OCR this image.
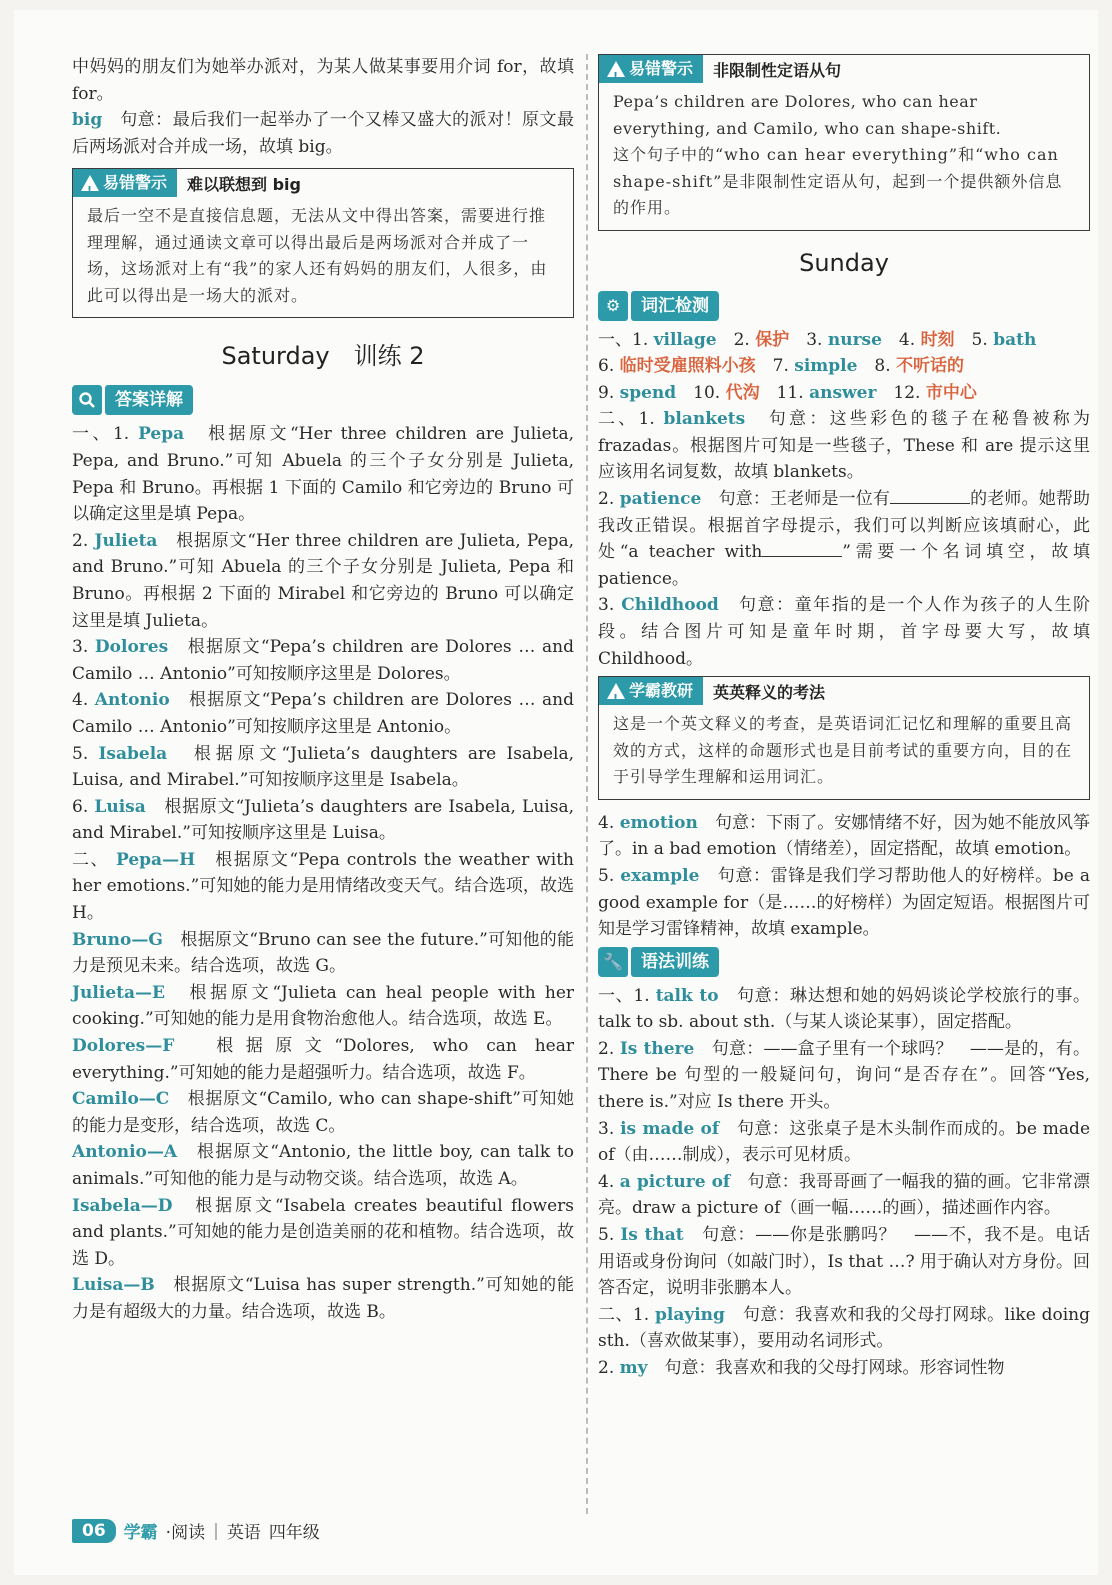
中妈妈的朋友们为她举办派对，为某人做某事要用介词 for，故填 for。

big　 句意：最后我们一起举办了一个又棒又盛大的派对！原文最后两场派对合并成一场，故填 big。

!
易错警示	难以联想到 big

最后一空不是直接信息题，无法从文中得出答案，需要进行推理理解，通过通读文章可以得出最后是两场派对合并成了一场，这场派对上有“我”的家人还有妈妈的朋友们，人很多，由此可以得出是一场大的派对。

Saturday　训练 2
答案详解

一、1. Pepa　 根据原文“Her three children are Julieta, Pepa, and Bruno.”可知 Abuela 的三个子女分别是 Julieta, Pepa 和 Bruno。再根据 1 下面的 Camilo 和它旁边的 Bruno 可以确定这里是填 Pepa。

2. Julieta　 根据原文“Her three children are Julieta, Pepa, and Bruno.”可知 Abuela 的三个子女分别是 Julieta, Pepa 和 Bruno。再根据 2 下面的 Mirabel 和它旁边的 Bruno 可以确定这里是填 Julieta。

3. Dolores　 根据原文“Pepa’s children are Dolores … and Camilo … Antonio”可知按顺序这里是 Dolores。

4. Antonio　 根据原文“Pepa’s children are Dolores … and Camilo … Antonio”可知按顺序这里是 Antonio。

5. Isabela　 根据原文“Julieta’s daughters are Isabela, Luisa, and Mirabel.”可知按顺序这里是 Isabela。

6. Luisa　 根据原文“Julieta’s daughters are Isabela, Luisa, and Mirabel.”可知按顺序这里是 Luisa。

二、 Pepa—H　 根据原文“Pepa controls the weather with her emotions.”可知她的能力是用情绪改变天气。结合选项，故选 H。

Bruno—G　 根据原文“Bruno can see the future.”可知他的能力是预见未来。结合选项，故选 G。

Julieta—E　 根据原文“Julieta can heal people with her cooking.”可知她的能力是用食物治愈他人。结合选项，故选 E。

Dolores—F　 根据原文“Dolores, who can hear everything.”可知她的能力是超强听力。结合选项，故选 F。

Camilo—C　 根据原文“Camilo, who can shape-shift”可知她的能力是变形，结合选项，故选 C。

Antonio—A　 根据原文“Antonio, the little boy, can talk to animals.”可知他的能力是与动物交谈。结合选项，故选 A。

Isabela—D　 根据原文“Isabela creates beautiful flowers and plants.”可知她的能力是创造美丽的花和植物。结合选项，故选 D。

Luisa—B　 根据原文“Luisa has super strength.”可知她的能力是有超级大的力量。结合选项，故选 B。

!
易错警示	非限制性定语从句

Pepa’s children are Dolores, who can hear everything, and Camilo, who can shape-shift.

这个句子中的“who can hear everything”和“who can shape-shift”是非限制性定语从句，起到一个提供额外信息的作用。

Sunday
⚙	词汇检测

一、1. village　2. 保护　3. nurse　4. 时刻　5. bath

6. 临时受雇照料小孩　7. simple　8. 不听话的

9. spend　10. 代沟　11. answer　12. 市中心

二、1. blankets　 句意：这些彩色的毯子在秘鲁被称为 frazadas。根据图片可知是一些毯子，These 和 are 提示这里应该用名词复数，故填 blankets。

2. patience　 句意：王老师是一位有	的老师。她帮助我改正错误。根据首字母提示，我们可以判断应该填耐心，此处“a teacher with	”需要一个名词填空，故填 patience。

3. Childhood　 句意：童年指的是一个人作为孩子的人生阶段。结合图片可知是童年时期，首字母要大写，故填 Childhood。

!
学霸教研	英英释义的考法

这是一个英文释义的考查，是英语词汇记忆和理解的重要且高效的方式，这样的命题形式也是目前考试的重要方向，目的在于引导学生理解和运用词汇。

4. emotion　 句意：下雨了。安娜情绪不好，因为她不能放风筝了。in a bad emotion（情绪差），固定搭配，故填 emotion。

5. example　 句意：雷锋是我们学习帮助他人的好榜样。be a good example for（是……的好榜样）为固定短语。根据图片可知是学习雷锋精神，故填 example。

🔧	语法训练

一、1. talk to　 句意：琳达想和她的妈妈谈论学校旅行的事。talk to sb. about sth.（与某人谈论某事），固定搭配。

2. Is there　 句意：——盒子里有一个球吗？　——是的，有。There be 句型的一般疑问句，询问“是否存在”。回答“Yes, there is.”对应 Is there 开头。

3. is made of　 句意：这张桌子是木头制作而成的。be made of（由……制成），表示可见材质。

4. a picture of　 句意：我哥哥画了一幅我的猫的画。它非常漂亮。draw a picture of（画一幅……的画），描述画作内容。

5. Is that　 句意：——你是张鹏吗？　——不，我不是。电话用语或身份询问（如敲门时），Is that …? 用于确认对方身份。回答否定，说明非张鹏本人。

二、1. playing　 句意：我喜欢和我的父母打网球。like doing sth.（喜欢做某事），要用动名词形式。

2. my　 句意：我喜欢和我的父母打网球。形容词性物

06	学霸 ·阅读 | 英语 四年级
